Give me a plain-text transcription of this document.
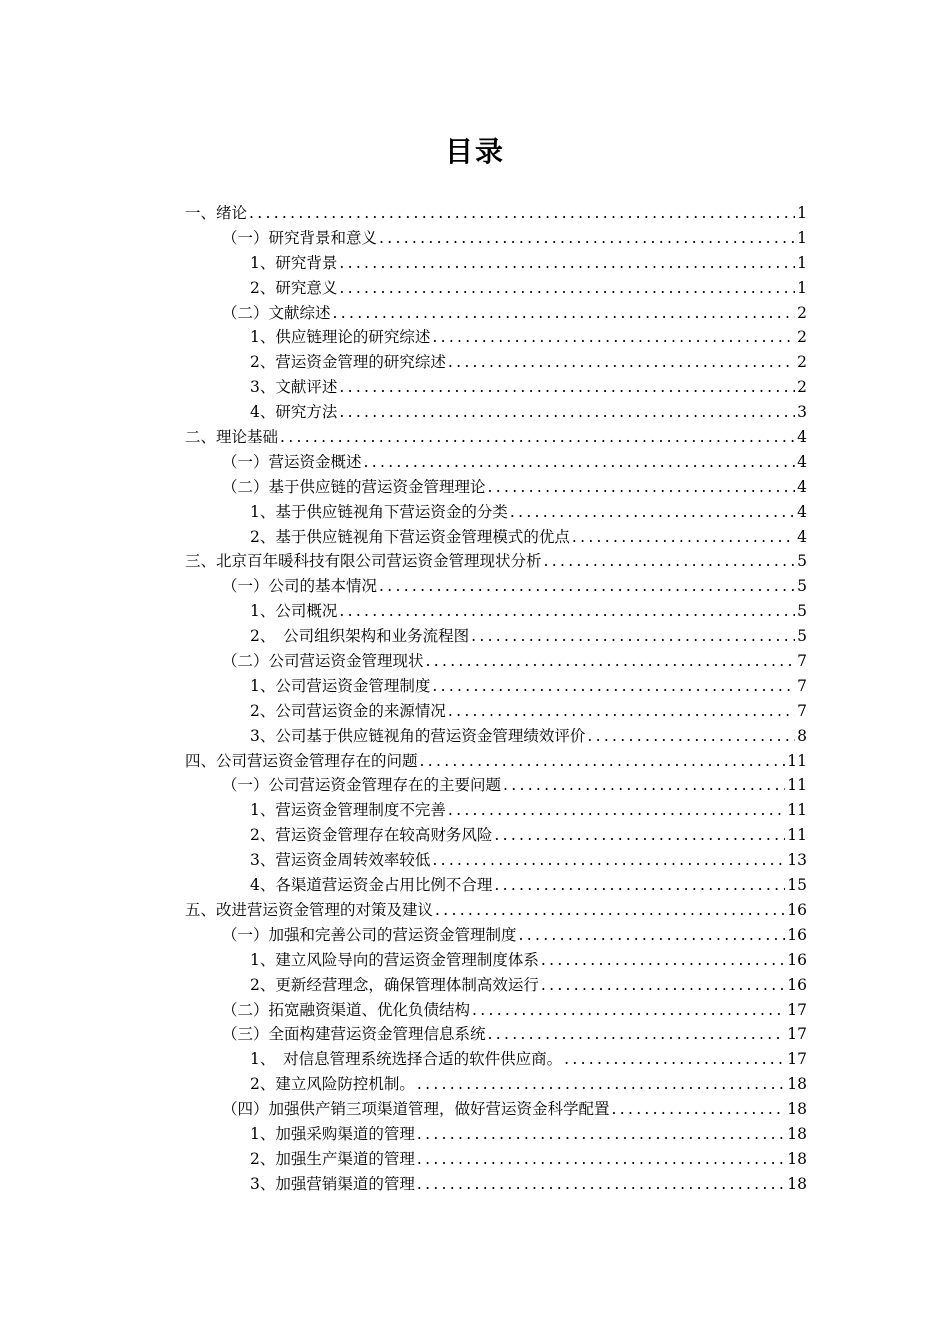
目录
一、绪论 .....	1
（一）研究背景和意义 .....	1
1、研究背景 .....	1
2、研究意义 .....	1
（二）文献综述 .....	2
1、供应链理论的研究综述 .....	2
2、营运资金管理的研究综述 .....	2
3、文献评述 .....	2
4、研究方法 .....	3
二、理论基础 .....	4
（一）营运资金概述 .....	4
（二）基于供应链的营运资金管理理论 .....	4
1、基于供应链视角下营运资金的分类 .....	4
2、基于供应链视角下营运资金管理模式的优点 .....	4
三、北京百年暖科技有限公司营运资金管理现状分析 .....	5
（一）公司的基本情况 .....	5
1、公司概况 .....	5
2、　公司组织架构和业务流程图 .....	5
（二）公司营运资金管理现状 .....	7
1、公司营运资金管理制度 .....	7
2、公司营运资金的来源情况 .....	7
3、公司基于供应链视角的营运资金管理绩效评价 .....	8
四、公司营运资金管理存在的问题 .....	11
（一）公司营运资金管理存在的主要问题 .....	11
1、营运资金管理制度不完善 .....	11
2、营运资金管理存在较高财务风险 .....	11
3、营运资金周转效率较低 .....	13
4、各渠道营运资金占用比例不合理 .....	15
五、改进营运资金管理的对策及建议 .....	16
（一）加强和完善公司的营运资金管理制度 .....	16
1、建立风险导向的营运资金管理制度体系 .....	16
2、更新经营理念，确保管理体制高效运行 .....	16
（二）拓宽融资渠道、优化负债结构 .....	17
（三）全面构建营运资金管理信息系统 .....	17
1、　对信息管理系统选择合适的软件供应商。 .....	17
2、建立风险防控机制。 .....	18
（四）加强供产销三项渠道管理，做好营运资金科学配置 .....	18
1、加强采购渠道的管理 .....	18
2、加强生产渠道的管理 .....	18
3、加强营销渠道的管理 .....	18
